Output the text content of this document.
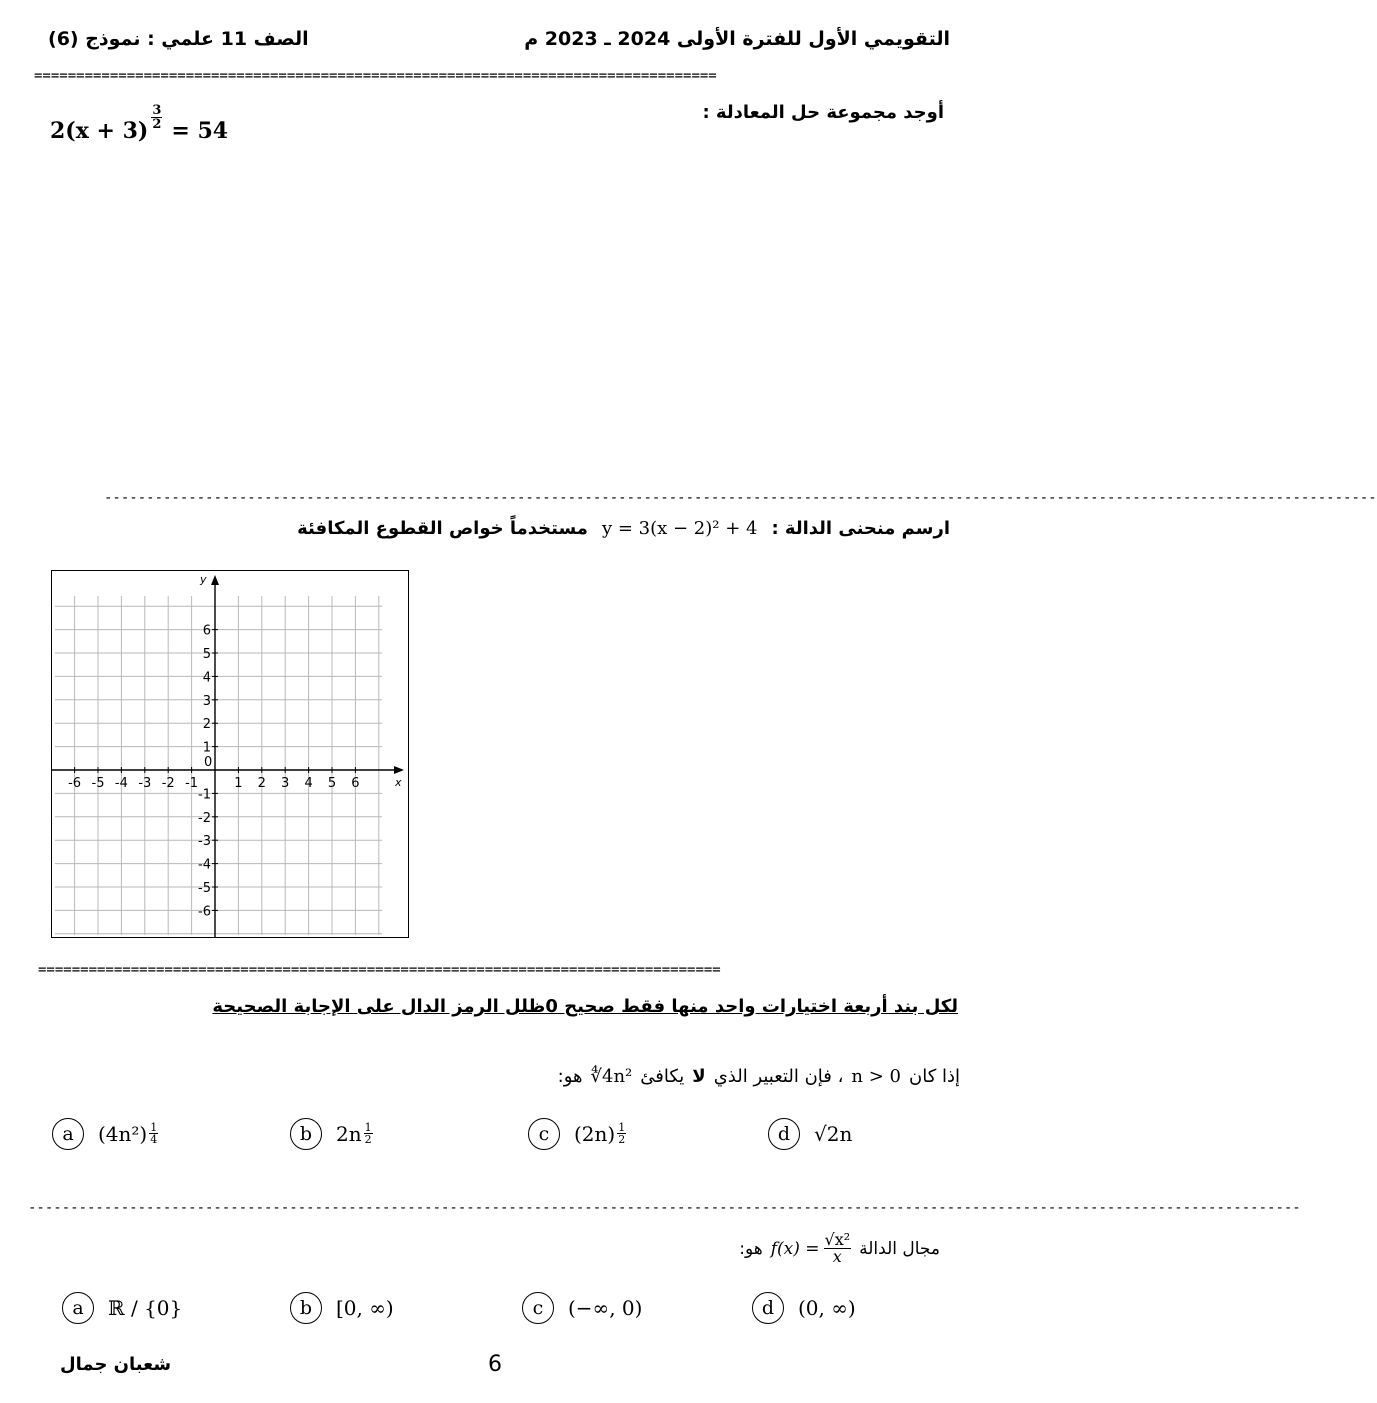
التقويمي الأول للفترة الأولى 2024 ـ 2023 م
الصف 11 علمي : نموذج (6)
=================================================================================
أوجد مجموعة حل المعادلة :
$2(x + 3) \frac{3}{2} = 54$
-------------------------------------------------------------------------------------------------------------------------------------------------------
ارسم منحنى الدالة :
y = 3(x − 2)² + 4
مستخدماً خواص القطوع المكافئة
x
y
0
-6 -5 -4 -3 -2 -1	1 2 3 4 5 6
6
5
4
3
2
1
-1
-2
-3
-4
-5
-6
=================================================================================
لكل بند أربعة اختيارات واحد منها فقط صحيح 0ظلل الرمز الدال على الإجابة الصحيحة
إذا كان
n > 0
، فإن التعبير الذي
لا
يكافئ
∜4n²
هو:
a	$(4n^2) \frac{1}{4}$	b	$2n \frac{1}{2}$	c	$(2n) \frac{1}{2}$	d	√2n
-------------------------------------------------------------------------------------------------------------------------------------------------------
مجال الدالة
$f(x) = \frac{\text{√x²}}{x}$
هو:
a	ℝ / {0}	b	[0, ∞)	c	(−∞, 0)	d	(0, ∞)
شعبان جمال	6
